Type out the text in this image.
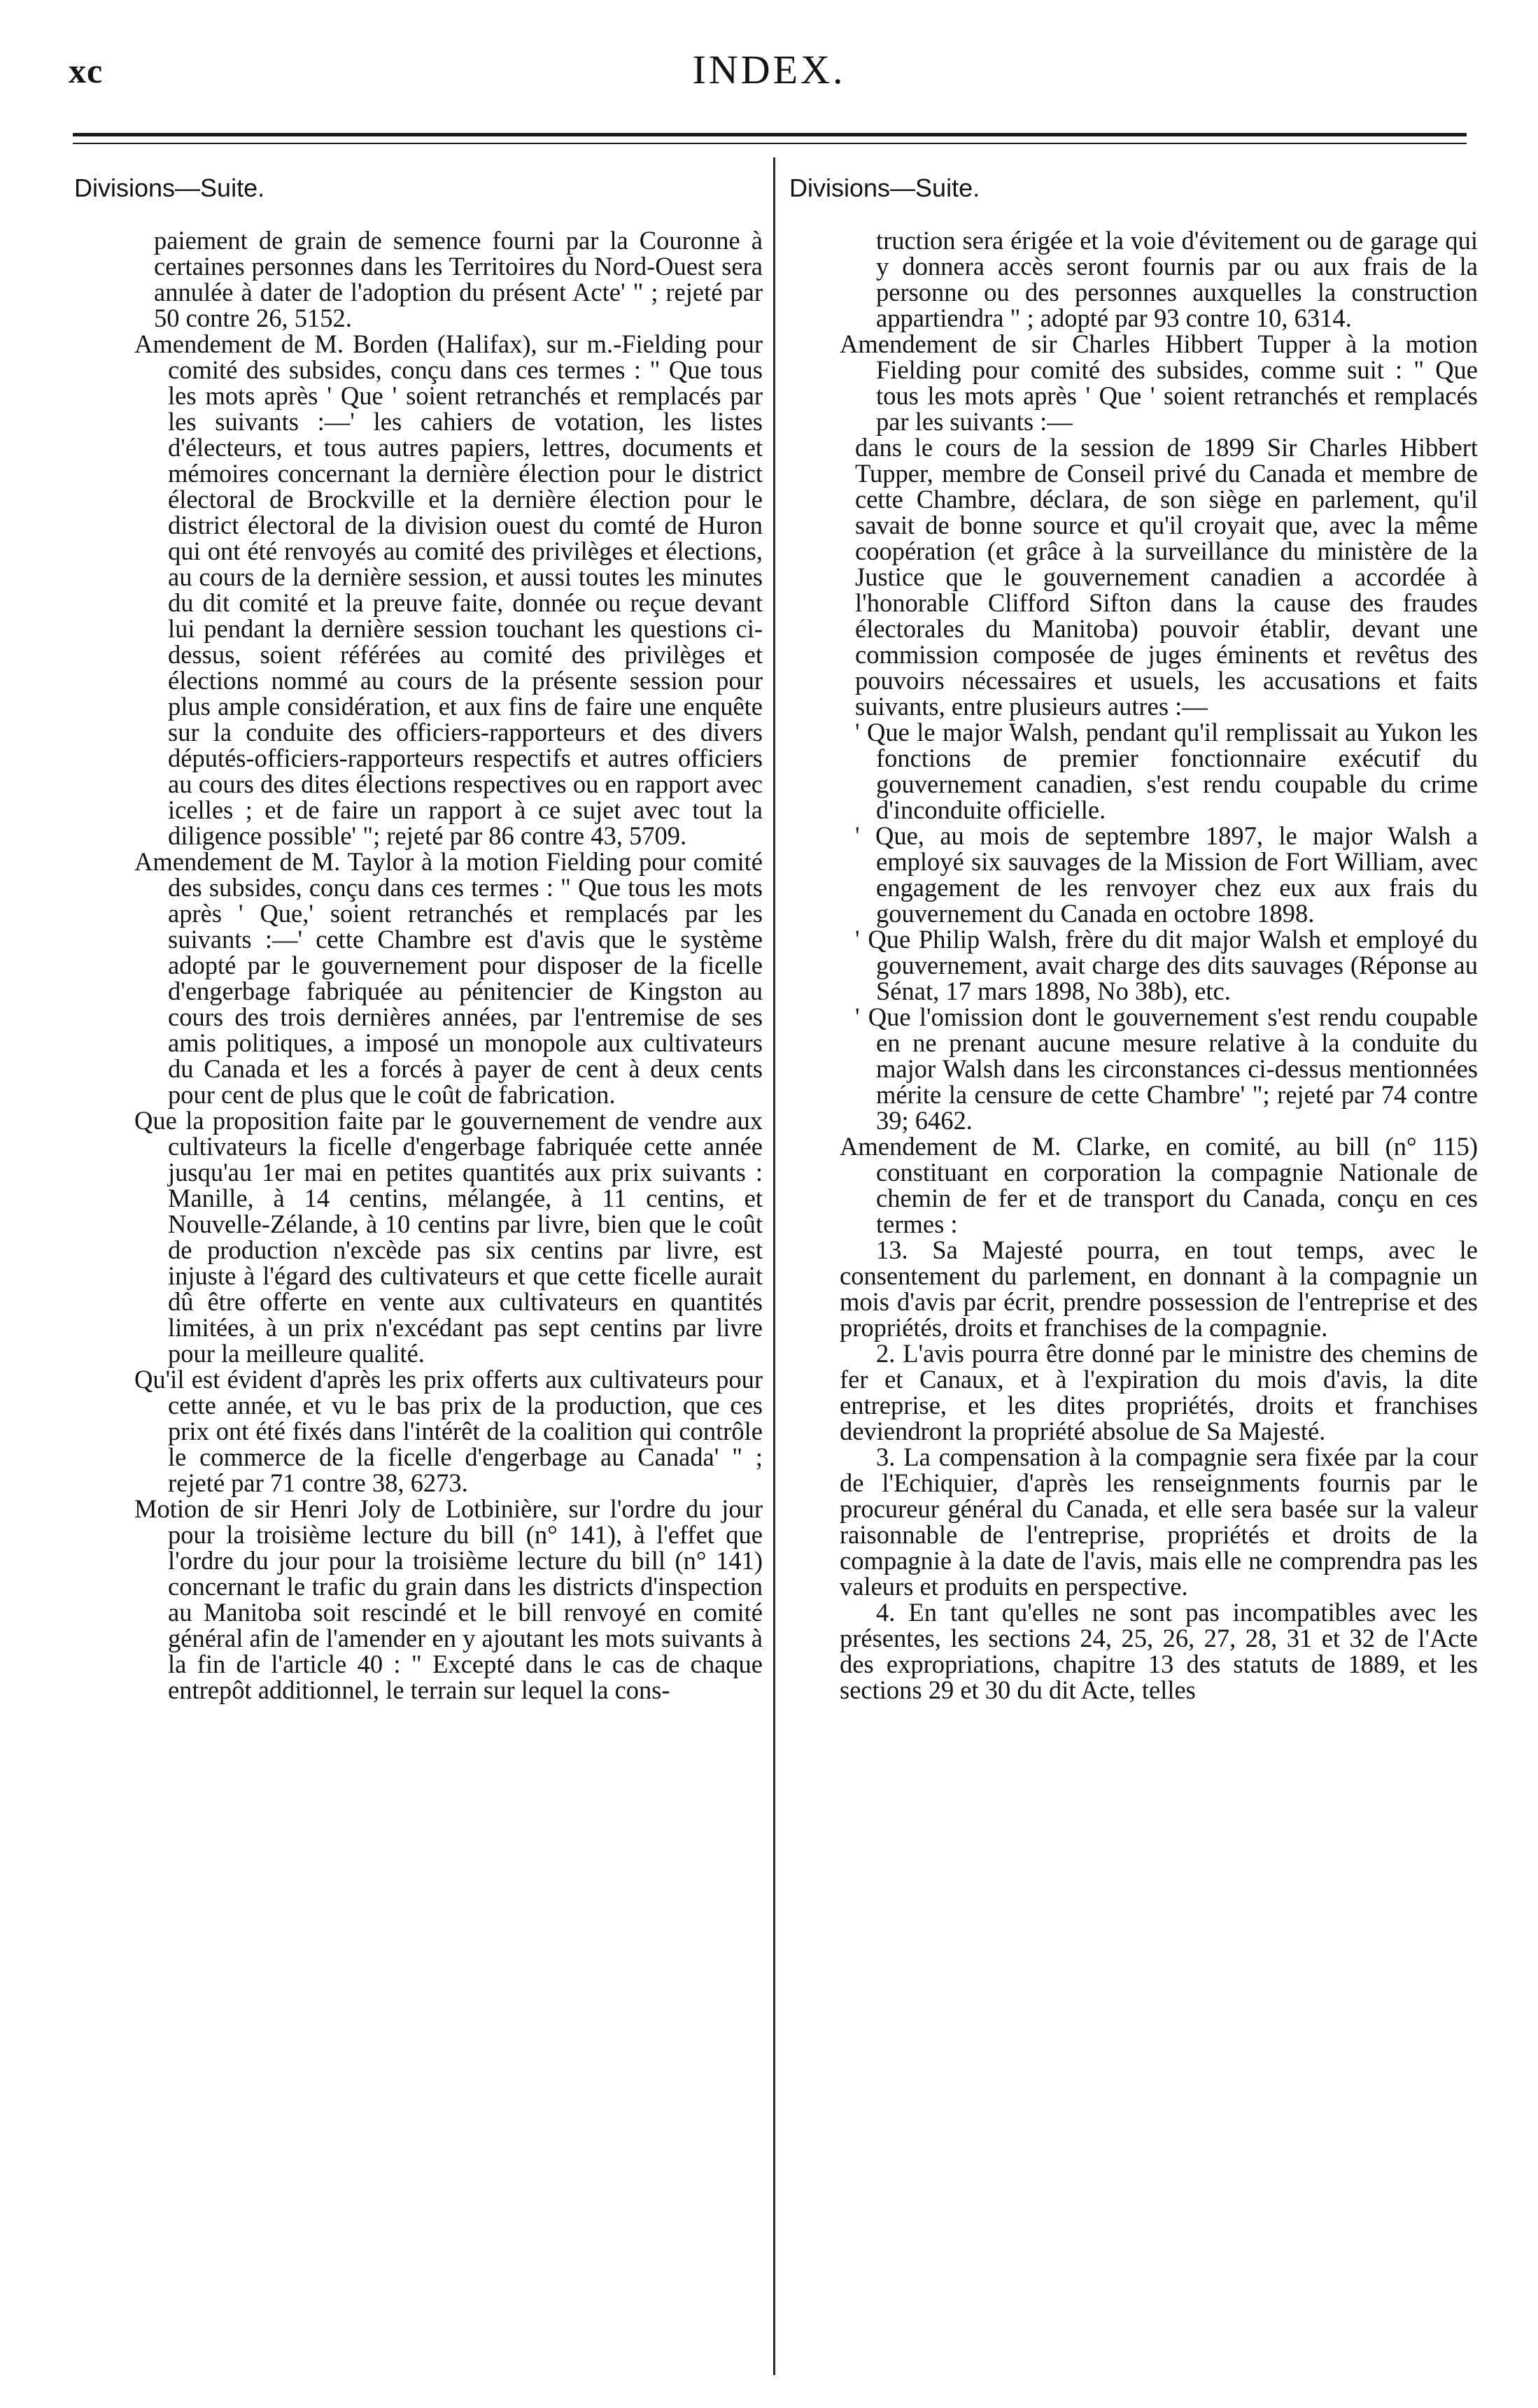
xc	INDEX.

Divisions—Suite.

paiement de grain de semence fourni par la Couronne à certaines personnes dans les Territoires du Nord-Ouest sera annulée à dater de l'adoption du présent Acte' " ; rejeté par 50 contre 26, 5152.

Amendement de M. Borden (Halifax), sur m.-Fielding pour comité des subsides, conçu dans ces termes : " Que tous les mots après ' Que ' soient retranchés et remplacés par les suivants :—' les cahiers de votation, les listes d'électeurs, et tous autres papiers, lettres, documents et mémoires concernant la dernière élection pour le district électoral de Brockville et la dernière élection pour le district électoral de la division ouest du comté de Huron qui ont été renvoyés au comité des privilèges et élections, au cours de la dernière session, et aussi toutes les minutes du dit comité et la preuve faite, donnée ou reçue devant lui pendant la dernière session touchant les questions ci-dessus, soient référées au comité des privilèges et élections nommé au cours de la présente session pour plus ample considération, et aux fins de faire une enquête sur la conduite des officiers-rapporteurs et des divers députés-officiers-rapporteurs respectifs et autres officiers au cours des dites élections respectives ou en rapport avec icelles ; et de faire un rapport à ce sujet avec tout la diligence possible' "; rejeté par 86 contre 43, 5709.

Amendement de M. Taylor à la motion Fielding pour comité des subsides, conçu dans ces termes : " Que tous les mots après ' Que,' soient retranchés et remplacés par les suivants :—' cette Chambre est d'avis que le système adopté par le gouvernement pour disposer de la ficelle d'engerbage fabriquée au pénitencier de Kingston au cours des trois dernières années, par l'entremise de ses amis politiques, a imposé un monopole aux cultivateurs du Canada et les a forcés à payer de cent à deux cents pour cent de plus que le coût de fabrication.

Que la proposition faite par le gouvernement de vendre aux cultivateurs la ficelle d'engerbage fabriquée cette année jusqu'au 1er mai en petites quantités aux prix suivants : Manille, à 14 centins, mélangée, à 11 centins, et Nouvelle-Zélande, à 10 centins par livre, bien que le coût de production n'excède pas six centins par livre, est injuste à l'égard des cultivateurs et que cette ficelle aurait dû être offerte en vente aux cultivateurs en quantités limitées, à un prix n'excédant pas sept centins par livre pour la meilleure qualité.

Qu'il est évident d'après les prix offerts aux cultivateurs pour cette année, et vu le bas prix de la production, que ces prix ont été fixés dans l'intérêt de la coalition qui contrôle le commerce de la ficelle d'engerbage au Canada' " ; rejeté par 71 contre 38, 6273.

Motion de sir Henri Joly de Lotbinière, sur l'ordre du jour pour la troisième lecture du bill (n° 141), à l'effet que l'ordre du jour pour la troisième lecture du bill (n° 141) concernant le trafic du grain dans les districts d'inspection au Manitoba soit rescindé et le bill renvoyé en comité général afin de l'amender en y ajoutant les mots suivants à la fin de l'article 40 : " Excepté dans le cas de chaque entrepôt additionnel, le terrain sur lequel la cons-

Divisions—Suite.

truction sera érigée et la voie d'évitement ou de garage qui y donnera accès seront fournis par ou aux frais de la personne ou des personnes auxquelles la construction appartiendra " ; adopté par 93 contre 10, 6314.

Amendement de sir Charles Hibbert Tupper à la motion Fielding pour comité des subsides, comme suit : " Que tous les mots après ' Que ' soient retranchés et remplacés par les suivants :—

dans le cours de la session de 1899 Sir Charles Hibbert Tupper, membre de Conseil privé du Canada et membre de cette Chambre, déclara, de son siège en parlement, qu'il savait de bonne source et qu'il croyait que, avec la même coopération (et grâce à la surveillance du ministère de la Justice que le gouvernement canadien a accordée à l'honorable Clifford Sifton dans la cause des fraudes électorales du Manitoba) pouvoir établir, devant une commission composée de juges éminents et revêtus des pouvoirs nécessaires et usuels, les accusations et faits suivants, entre plusieurs autres :—

' Que le major Walsh, pendant qu'il remplissait au Yukon les fonctions de premier fonctionnaire exécutif du gouvernement canadien, s'est rendu coupable du crime d'inconduite officielle.

' Que, au mois de septembre 1897, le major Walsh a employé six sauvages de la Mission de Fort William, avec engagement de les renvoyer chez eux aux frais du gouvernement du Canada en octobre 1898.

' Que Philip Walsh, frère du dit major Walsh et employé du gouvernement, avait charge des dits sauvages (Réponse au Sénat, 17 mars 1898, No 38b), etc.

' Que l'omission dont le gouvernement s'est rendu coupable en ne prenant aucune mesure relative à la conduite du major Walsh dans les circonstances ci-dessus mentionnées mérite la censure de cette Chambre' "; rejeté par 74 contre 39; 6462.

Amendement de M. Clarke, en comité, au bill (n° 115) constituant en corporation la compagnie Nationale de chemin de fer et de transport du Canada, conçu en ces termes :

13. Sa Majesté pourra, en tout temps, avec le consentement du parlement, en donnant à la compagnie un mois d'avis par écrit, prendre possession de l'entreprise et des propriétés, droits et franchises de la compagnie.

2. L'avis pourra être donné par le ministre des chemins de fer et Canaux, et à l'expiration du mois d'avis, la dite entreprise, et les dites propriétés, droits et franchises deviendront la propriété absolue de Sa Majesté.

3. La compensation à la compagnie sera fixée par la cour de l'Echiquier, d'après les renseignments fournis par le procureur général du Canada, et elle sera basée sur la valeur raisonnable de l'entreprise, propriétés et droits de la compagnie à la date de l'avis, mais elle ne comprendra pas les valeurs et produits en perspective.

4. En tant qu'elles ne sont pas incompatibles avec les présentes, les sections 24, 25, 26, 27, 28, 31 et 32 de l'Acte des expropriations, chapitre 13 des statuts de 1889, et les sections 29 et 30 du dit Acte, telles
